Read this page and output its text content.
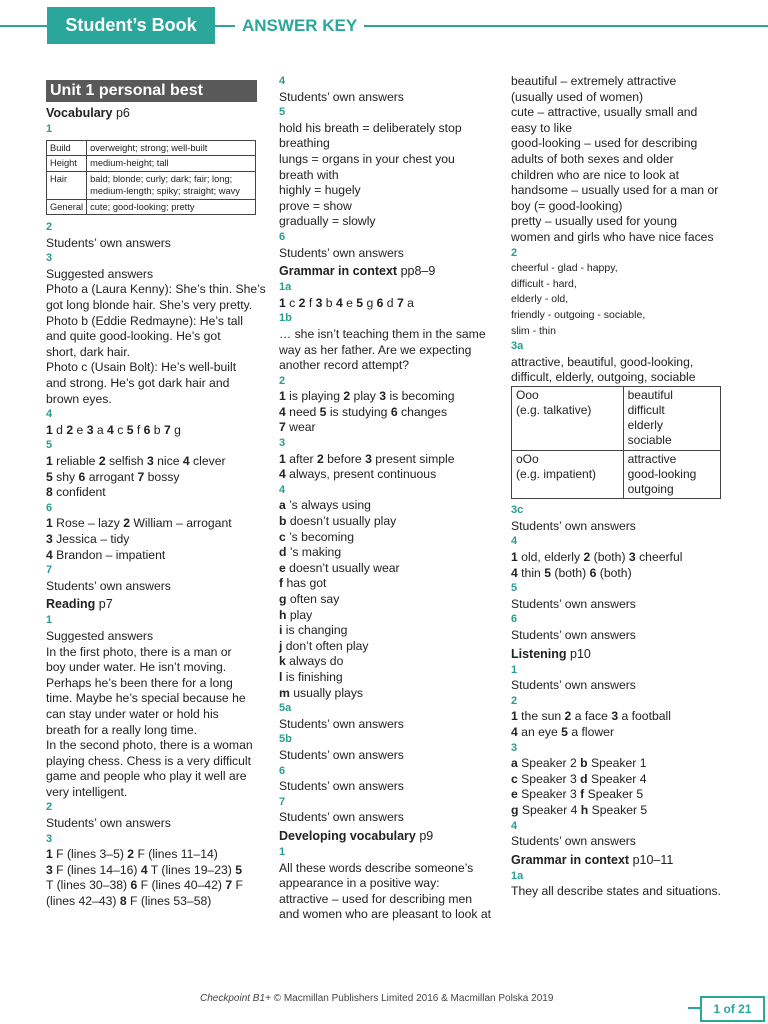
Student’s Book	ANSWER KEY
Unit 1 personal best
Vocabulary p6
1
Build	overweight; strong; well-built
Height	medium-height; tall
Hair	bald; blonde; curly; dark; fair; long; medium-length; spiky; straight; wavy
General	cute; good-looking; pretty
2
Students’ own answers
3
Suggested answers
Photo a (Laura Kenny): She’s thin. She’s
got long blonde hair. She’s very pretty.
Photo b (Eddie Redmayne): He’s tall
and quite good-looking. He’s got
short, dark hair.
Photo c (Usain Bolt): He’s well-built
and strong. He’s got dark hair and
brown eyes.
4
1 d 2 e 3 a 4 c 5 f 6 b 7 g
5
1 reliable 2 selfish 3 nice 4 clever
5 shy 6 arrogant 7 bossy
8 confident
6
1 Rose – lazy 2 William – arrogant
3 Jessica – tidy
4 Brandon – impatient
7
Students’ own answers
Reading p7
1
Suggested answers
In the first photo, there is a man or
boy under water. He isn’t moving.
Perhaps he’s been there for a long
time. Maybe he’s special because he
can stay under water or hold his
breath for a really long time.
In the second photo, there is a woman
playing chess. Chess is a very difficult
game and people who play it well are
very intelligent.
2
Students’ own answers
3
1 F (lines 3–5) 2 F (lines 11–14)
3 F (lines 14–16) 4 T (lines 19–23) 5
T (lines 30–38) 6 F (lines 40–42) 7 F
(lines 42–43) 8 F (lines 53–58)
4
Students’ own answers
5
hold his breath = deliberately stop
breathing
lungs = organs in your chest you
breath with
highly = hugely
prove = show
gradually = slowly
6
Students’ own answers
Grammar in context pp8–9
1a
1 c 2 f 3 b 4 e 5 g 6 d 7 a
1b
… she isn’t teaching them in the same
way as her father. Are we expecting
another record attempt?
2
1 is playing 2 play 3 is becoming
4 need 5 is studying 6 changes
7 wear
3
1 after 2 before 3 present simple
4 always, present continuous
4
a ’s always using
b doesn’t usually play
c ’s becoming
d ’s making
e doesn’t usually wear
f has got
g often say
h play
i is changing
j don’t often play
k always do
l is finishing
m usually plays
5a
Students’ own answers
5b
Students’ own answers
6
Students’ own answers
7
Students’ own answers
Developing vocabulary p9
1
All these words describe someone’s
appearance in a positive way:
attractive – used for describing men
and women who are pleasant to look at
beautiful – extremely attractive
(usually used of women)
cute – attractive, usually small and
easy to like
good-looking – used for describing
adults of both sexes and older
children who are nice to look at
handsome – usually used for a man or
boy (= good-looking)
pretty – usually used for young
women and girls who have nice faces
2
cheerful - glad - happy,
difficult - hard,
elderly - old,
friendly - outgoing - sociable,
slim - thin
3a
attractive, beautiful, good-looking,
difficult, elderly, outgoing, sociable
Ooo
(e.g. talkative)	beautiful
difficult
elderly
sociable
oOo
(e.g. impatient)	attractive
good-looking
outgoing
3c
Students’ own answers
4
1 old, elderly 2 (both) 3 cheerful
4 thin 5 (both) 6 (both)
5
Students’ own answers
6
Students’ own answers
Listening p10
1
Students’ own answers
2
1 the sun 2 a face 3 a football
4 an eye 5 a flower
3
a Speaker 2 b Speaker 1
c Speaker 3 d Speaker 4
e Speaker 3 f Speaker 5
g Speaker 4 h Speaker 5
4
Students’ own answers
Grammar in context p10–11
1a
They all describe states and situations.
Checkpoint B1+ © Macmillan Publishers Limited 2016 & Macmillan Polska 2019
1 of 21
